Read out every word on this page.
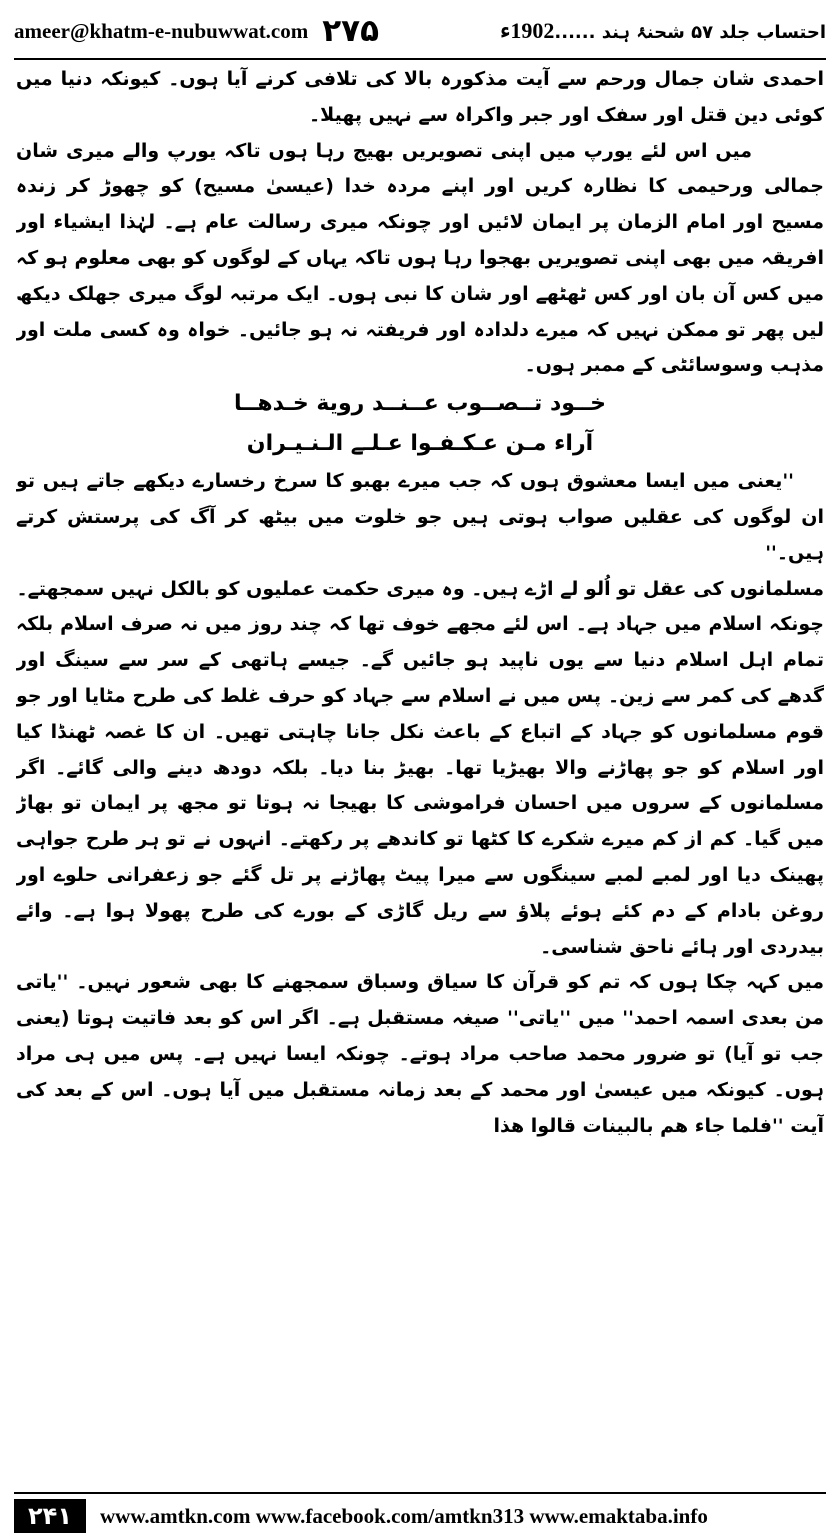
ameer@khatm-e-nubuwwat.com ۲۷۵	احتساب جلد ۵۷ شحنۂ ہند ......1902ء

احمدی شان جمال ورحم سے آیت مذکورہ بالا کی تلافی کرنے آیا ہوں۔ کیونکہ دنیا میں کوئی دین قتل اور سفک اور جبر واکراہ سے نہیں پھیلا۔

میں اس لئے یورپ میں اپنی تصویریں بھیج رہا ہوں تاکہ یورپ والے میری شان جمالی ورحیمی کا نظارہ کریں اور اپنے مردہ خدا (عیسیٰ مسیح) کو چھوڑ کر زندہ مسیح اور امام الزمان پر ایمان لائیں اور چونکہ میری رسالت عام ہے۔ لہٰذا ایشیاء اور افریقہ میں بھی اپنی تصویریں بھجوا رہا ہوں تاکہ یہاں کے لوگوں کو بھی معلوم ہو کہ میں کس آن بان اور کس ٹھٹھے اور شان کا نبی ہوں۔ ایک مرتبہ لوگ میری جھلک دیکھ لیں پھر تو ممکن نہیں کہ میرے دلدادہ اور فریفتہ نہ ہو جائیں۔ خواہ وہ کسی ملت اور مذہب وسوسائٹی کے ممبر ہوں۔

خــود تــصــوب عــنــد روية خـدهــا

آراء مـن عـكـفـوا عـلـے الـنـيـران

''یعنی میں ایسا معشوق ہوں کہ جب میرے بھبو کا سرخ رخسارے دیکھے جاتے ہیں تو ان لوگوں کی عقلیں صواب ہوتی ہیں جو خلوت میں بیٹھ کر آگ کی پرستش کرتے ہیں۔''

مسلمانوں کی عقل تو اُلو لے اڑے ہیں۔ وہ میری حکمت عملیوں کو بالکل نہیں سمجھتے۔

چونکہ اسلام میں جہاد ہے۔ اس لئے مجھے خوف تھا کہ چند روز میں نہ صرف اسلام بلکہ تمام اہل اسلام دنیا سے یوں ناپید ہو جائیں گے۔ جیسے ہاتھی کے سر سے سینگ اور گدھے کی کمر سے زین۔ پس میں نے اسلام سے جہاد کو حرف غلط کی طرح مٹایا اور جو قوم مسلمانوں کو جہاد کے اتباع کے باعث نکل جانا چاہتی تھیں۔ ان کا غصہ ٹھنڈا کیا اور اسلام کو جو پھاڑنے والا بھیڑیا تھا۔ بھیڑ بنا دیا۔ بلکہ دودھ دینے والی گائے۔ اگر مسلمانوں کے سروں میں احسان فراموشی کا بھیجا نہ ہوتا تو مجھ پر ایمان تو بھاڑ میں گیا۔ کم از کم میرے شکرے کا کٹھا تو کاندھے پر رکھتے۔ انہوں نے تو ہر طرح جواہی پھینک دیا اور لمبے لمبے سینگوں سے میرا پیٹ پھاڑنے پر تل گئے جو زعفرانی حلوے اور روغن بادام کے دم کئے ہوئے پلاؤ سے ریل گاڑی کے بورے کی طرح پھولا ہوا ہے۔ وائے بیدردی اور ہائے ناحق شناسی۔

میں کہہ چکا ہوں کہ تم کو قرآن کا سیاق وسباق سمجھنے کا بھی شعور نہیں۔ ''یاتی من بعدی اسمہ احمد'' میں ''یاتی'' صیغہ مستقبل ہے۔ اگر اس کو بعد فاتیت ہوتا (یعنی جب تو آیا) تو ضرور محمد صاحب مراد ہوتے۔ چونکہ ایسا نہیں ہے۔ پس میں ہی مراد ہوں۔ کیونکہ میں عیسیٰ اور محمد کے بعد زمانہ مستقبل میں آیا ہوں۔ اس کے بعد کی آیت ''فلما جاء ھم بالبینات قالوا ھذا

۲۴۱	www.amtkn.com www.facebook.com/amtkn313 www.emaktaba.info
